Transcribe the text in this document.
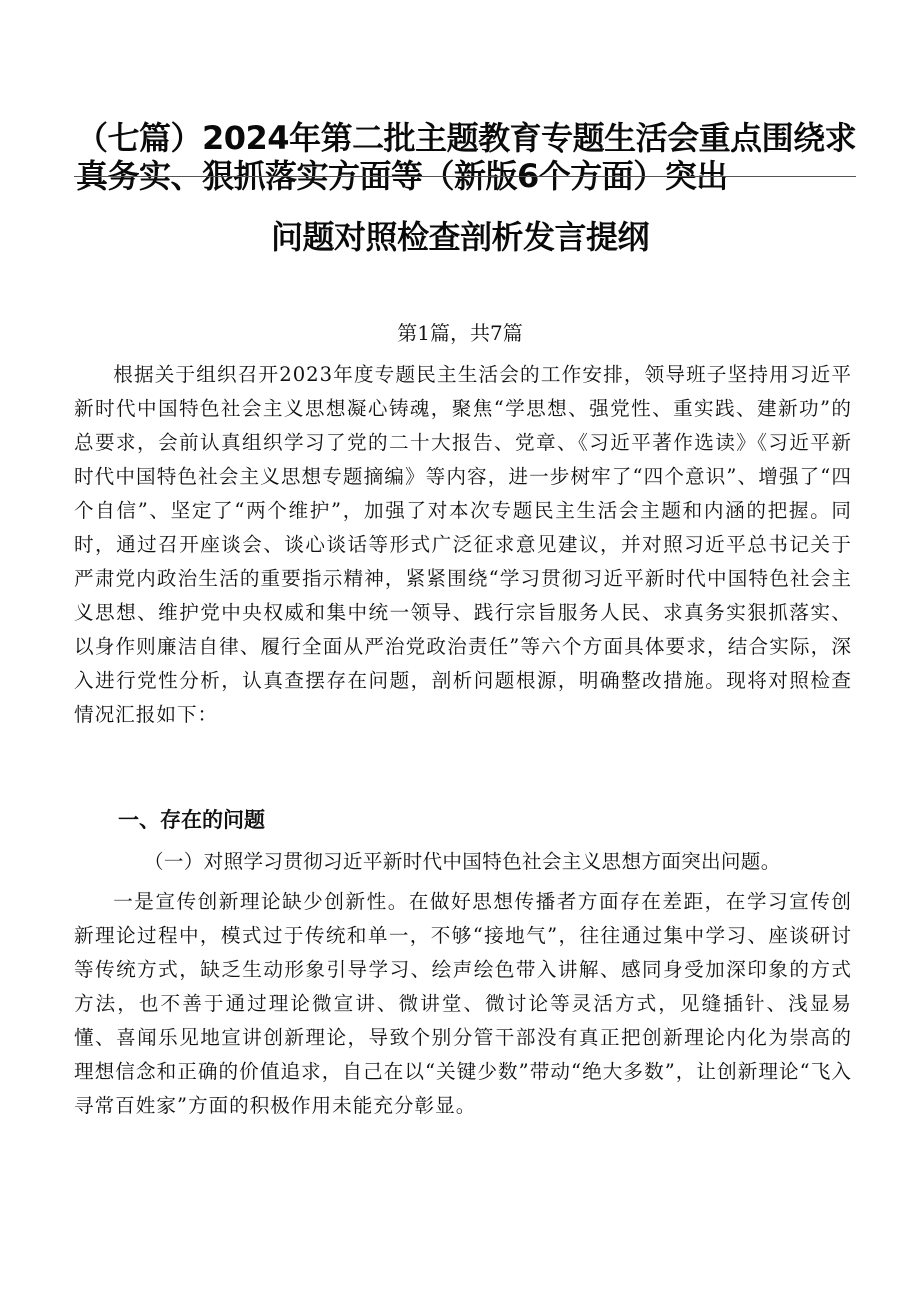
（七篇）2024年第二批主题教育专题生活会重点围绕求
真务实、狠抓落实方面等（新版6个方面）突出
问题对照检查剖析发言提纲
第1篇，共7篇

根据关于组织召开2023年度专题民主生活会的工作安排，领导班子坚持用习近平新时代中国特色社会主义思想凝心铸魂，聚焦“学思想、强党性、重实践、建新功”的总要求，会前认真组织学习了党的二十大报告、党章、《习近平著作选读》《习近平新时代中国特色社会主义思想专题摘编》等内容，进一步树牢了“四个意识”、增强了“四个自信”、坚定了“两个维护”，加强了对本次专题民主生活会主题和内涵的把握。同时，通过召开座谈会、谈心谈话等形式广泛征求意见建议，并对照习近平总书记关于严肃党内政治生活的重要指示精神，紧紧围绕“学习贯彻习近平新时代中国特色社会主义思想、维护党中央权威和集中统一领导、践行宗旨服务人民、求真务实狠抓落实、以身作则廉洁自律、履行全面从严治党政治责任”等六个方面具体要求，结合实际，深入进行党性分析，认真查摆存在问题，剖析问题根源，明确整改措施。现将对照检查情况汇报如下：

一、存在的问题
（一）对照学习贯彻习近平新时代中国特色社会主义思想方面突出问题。

一是宣传创新理论缺少创新性。在做好思想传播者方面存在差距，在学习宣传创新理论过程中，模式过于传统和单一，不够“接地气”，往往通过集中学习、座谈研讨等传统方式，缺乏生动形象引导学习、绘声绘色带入讲解、感同身受加深印象的方式方法，也不善于通过理论微宣讲、微讲堂、微讨论等灵活方式，见缝插针、浅显易懂、喜闻乐见地宣讲创新理论，导致个别分管干部没有真正把创新理论内化为崇高的理想信念和正确的价值追求，自己在以“关键少数”带动“绝大多数”，让创新理论“飞入寻常百姓家”方面的积极作用未能充分彰显。
